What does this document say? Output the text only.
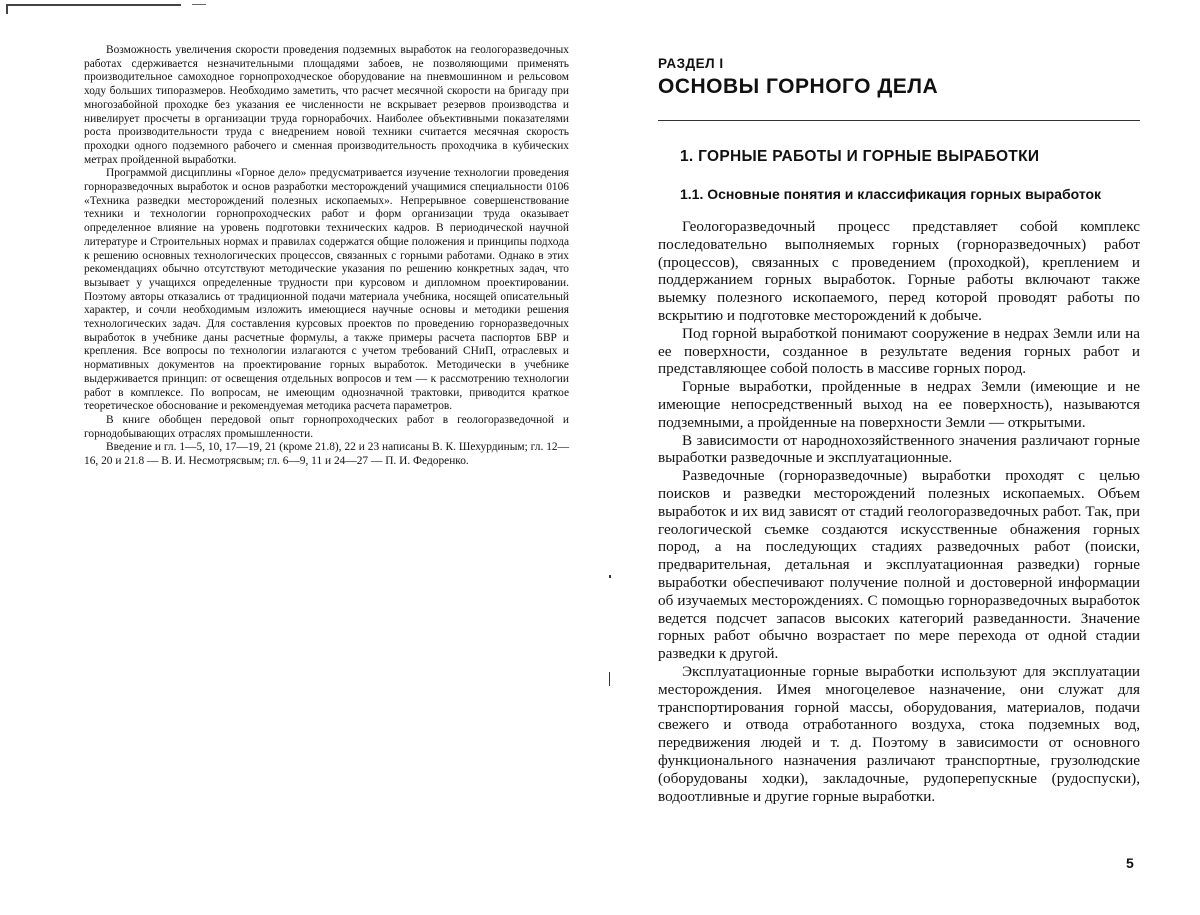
Возможность увеличения скорости проведения подземных выработок на геологоразведочных работах сдерживается незначительными площадями забоев, не позволяющими применять производительное самоходное горнопроходческое оборудование на пневмошинном и рельсовом ходу больших типоразмеров. Необходимо заметить, что расчет месячной скорости на бригаду при многозабойной проходке без указания ее численности не вскрывает резервов производства и нивелирует просчеты в организации труда горнорабочих. Наиболее объективными показателями роста производительности труда с внедрением новой техники считается месячная скорость проходки одного подземного рабочего и сменная производительность проходчика в кубических метрах пройденной выработки.

Программой дисциплины «Горное дело» предусматривается изучение технологии проведения горноразведочных выработок и основ разработки месторождений учащимися специальности 0106 «Техника разведки месторождений полезных ископаемых». Непрерывное совершенствование техники и технологии горнопроходческих работ и форм организации труда оказывает определенное влияние на уровень подготовки технических кадров. В периодической научной литературе и Строительных нормах и правилах содержатся общие положения и принципы подхода к решению основных технологических процессов, связанных с горными работами. Однако в этих рекомендациях обычно отсутствуют методические указания по решению конкретных задач, что вызывает у учащихся определенные трудности при курсовом и дипломном проектировании. Поэтому авторы отказались от традиционной подачи материала учебника, носящей описательный характер, и сочли необходимым изложить имеющиеся научные основы и методики решения технологических задач. Для составления курсовых проектов по проведению горноразведочных выработок в учебнике даны расчетные формулы, а также примеры расчета паспортов БВР и крепления. Все вопросы по технологии излагаются с учетом требований СНиП, отраслевых и нормативных документов на проектирование горных выработок. Методически в учебнике выдерживается принцип: от освещения отдельных вопросов и тем — к рассмотрению технологии работ в комплексе. По вопросам, не имеющим однозначной трактовки, приводится краткое теоретическое обоснование и рекомендуемая методика расчета параметров.

В книге обобщен передовой опыт горнопроходческих работ в геологоразведочной и горнодобывающих отраслях промышленности.

Введение и гл. 1—5, 10, 17—19, 21 (кроме 21.8), 22 и 23 написаны В. К. Шехурдиным; гл. 12—16, 20 и 21.8 — В. И. Несмотрясвым; гл. 6—9, 11 и 24—27 — П. И. Федоренко.

РАЗДЕЛ I

ОСНОВЫ ГОРНОГО ДЕЛА
1. ГОРНЫЕ РАБОТЫ И ГОРНЫЕ ВЫРАБОТКИ
1.1. Основные понятия и классификация горных выработок

Геологоразведочный процесс представляет собой комплекс последовательно выполняемых горных (горноразведочных) работ (процессов), связанных с проведением (проходкой), креплением и поддержанием горных выработок. Горные работы включают также выемку полезного ископаемого, перед которой проводят работы по вскрытию и подготовке месторождений к добыче.

Под горной выработкой понимают сооружение в недрах Земли или на ее поверхности, созданное в результате ведения горных работ и представляющее собой полость в массиве горных пород.

Горные выработки, пройденные в недрах Земли (имеющие и не имеющие непосредственный выход на ее поверхность), называются подземными, а пройденные на поверхности Земли — открытыми.

В зависимости от народнохозяйственного значения различают горные выработки разведочные и эксплуатационные.

Разведочные (горноразведочные) выработки проходят с целью поисков и разведки месторождений полезных ископаемых. Объем выработок и их вид зависят от стадий геологоразведочных работ. Так, при геологической съемке создаются искусственные обнажения горных пород, а на последующих стадиях разведочных работ (поиски, предварительная, детальная и эксплуатационная разведки) горные выработки обеспечивают получение полной и достоверной информации об изучаемых месторождениях. С помощью горноразведочных выработок ведется подсчет запасов высоких категорий разведанности. Значение горных работ обычно возрастает по мере перехода от одной стадии разведки к другой.

Эксплуатационные горные выработки используют для эксплуатации месторождения. Имея многоцелевое назначение, они служат для транспортирования горной массы, оборудования, материалов, подачи свежего и отвода отработанного воздуха, стока подземных вод, передвижения людей и т. д. Поэтому в зависимости от основного функционального назначения различают транспортные, грузолюдские (оборудованы ходки), закладочные, рудоперепускные (рудоспуски), водоотливные и другие горные выработки.

5
